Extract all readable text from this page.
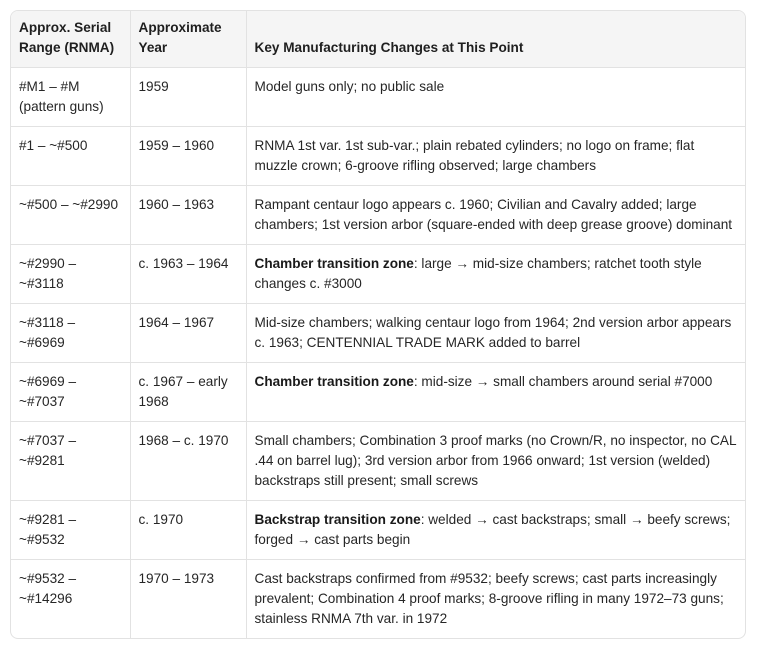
Approx. Serial Range (RNMA)	Approximate Year	Key Manufacturing Changes at This Point
#M1 – #M (pattern guns)	1959	Model guns only; no public sale
#1 – ~#500	1959 – 1960	RNMA 1st var. 1st sub-var.; plain rebated cylinders; no logo on frame; flat muzzle crown; 6-groove rifling observed; large chambers
~#500 – ~#2990	1960 – 1963	Rampant centaur logo appears c. 1960; Civilian and Cavalry added; large chambers; 1st version arbor (square-ended with deep grease groove) dominant
~#2990 – ~#3118	c. 1963 – 1964	Chamber transition zone: large → mid-size chambers; ratchet tooth style changes c. #3000
~#3118 – ~#6969	1964 – 1967	Mid-size chambers; walking centaur logo from 1964; 2nd version arbor appears c. 1963; CENTENNIAL TRADE MARK added to barrel
~#6969 – ~#7037	c. 1967 – early 1968	Chamber transition zone: mid-size → small chambers around serial #7000
~#7037 – ~#9281	1968 – c. 1970	Small chambers; Combination 3 proof marks (no Crown/R, no inspector, no CAL .44 on barrel lug); 3rd version arbor from 1966 onward; 1st version (welded) backstraps still present; small screws
~#9281 – ~#9532	c. 1970	Backstrap transition zone: welded → cast backstraps; small → beefy screws; forged → cast parts begin
~#9532 – ~#14296	1970 – 1973	Cast backstraps confirmed from #9532; beefy screws; cast parts increasingly prevalent; Combination 4 proof marks; 8-groove rifling in many 1972–73 guns; stainless RNMA 7th var. in 1972
